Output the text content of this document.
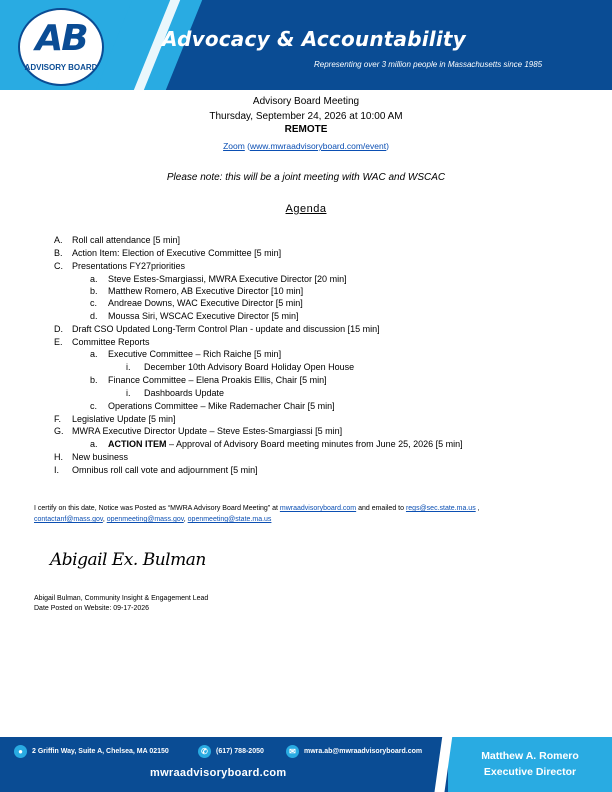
AB
ADVISORY BOARD
Advocacy & Accountability
Representing over 3 million people in Massachusetts since 1985
Advisory Board Meeting
Thursday, September 24, 2026 at 10:00 AM
REMOTE
Zoom (www.mwraadvisoryboard.com/event)
Please note: this will be a joint meeting with WAC and WSCAC
Agenda
A. Roll call attendance [5 min]
B. Action Item: Election of Executive Committee [5 min]
C. Presentations FY27priorities
a. Steve Estes-Smargiassi, MWRA Executive Director [20 min]
b. Matthew Romero, AB Executive Director [10 min]
c. Andreae Downs, WAC Executive Director [5 min]
d. Moussa Siri, WSCAC Executive Director [5 min]
D. Draft CSO Updated Long-Term Control Plan - update and discussion [15 min]
E. Committee Reports
a. Executive Committee – Rich Raiche [5 min]
i. December 10th Advisory Board Holiday Open House
b. Finance Committee – Elena Proakis Ellis, Chair [5 min]
i. Dashboards Update
c. Operations Committee – Mike Rademacher Chair [5 min]
F. Legislative Update [5 min]
G. MWRA Executive Director Update – Steve Estes-Smargiassi [5 min]
a. ACTION ITEM – Approval of Advisory Board meeting minutes from June 25, 2026 [5 min]
H. New business
I. Omnibus roll call vote and adjournment [5 min]
I certify on this date, Notice was Posted as “MWRA Advisory Board Meeting” at mwraadvisoryboard.com and emailed to regs@sec.state.ma.us ,
contactanf@mass.gov, openmeeting@mass.gov, openmeeting@state.ma.us
Abigail Ex. Bulman
Abigail Bulman, Community Insight & Engagement Lead
Date Posted on Website: 09-17-2026
●	2 Griffin Way, Suite A, Chelsea, MA 02150	✆	(617) 788-2050	✉	mwra.ab@mwraadvisoryboard.com
mwraadvisoryboard.com
Matthew A. Romero
Executive Director
